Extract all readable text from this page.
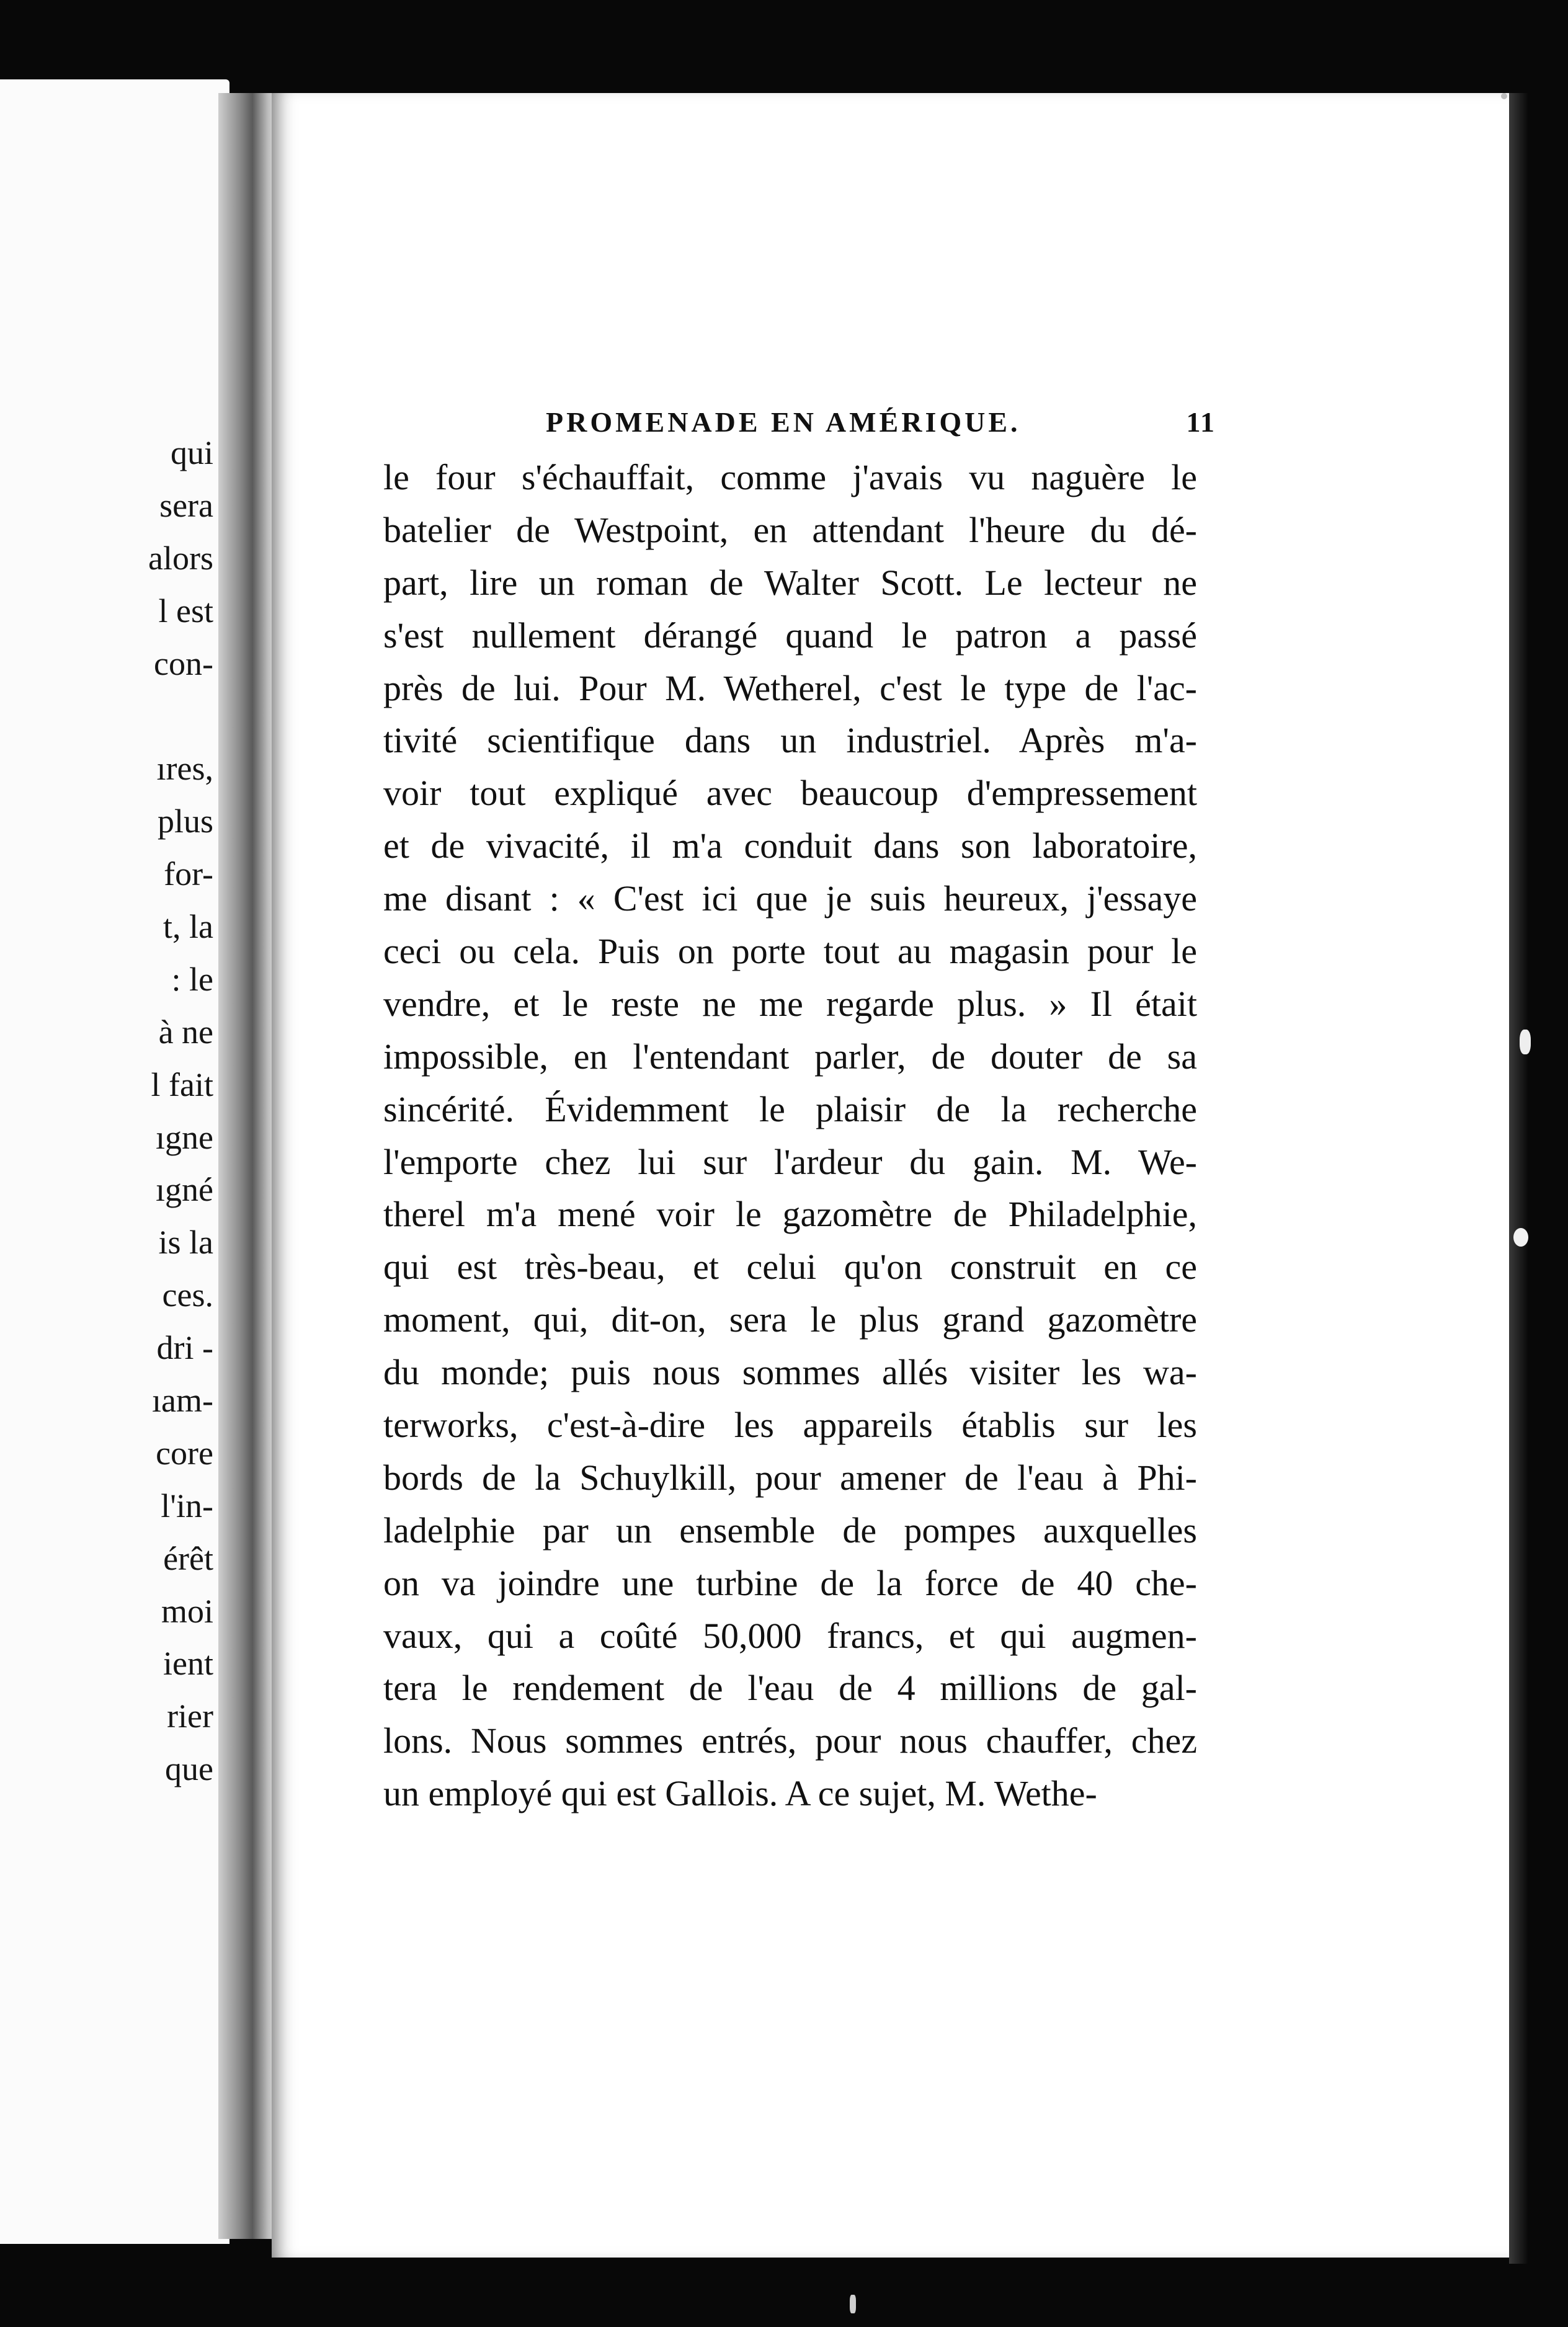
qui
sera
alors
l est
con-
ıres,
plus
for-
t, la
: le
à ne
l fait
ıgne
ıgné
is la
ces.
dri -
ıam-
core
l'in-
érêt
moi
ient
rier
que
PROMENADE EN AMÉRIQUE.	11
le four s'échauffait, comme j'avais vu naguère le
batelier de Westpoint, en attendant l'heure du dé-
part, lire un roman de Walter Scott. Le lecteur ne
s'est nullement dérangé quand le patron a passé
près de lui. Pour M. Wetherel, c'est le type de l'ac-
tivité scientifique dans un industriel. Après m'a-
voir tout expliqué avec beaucoup d'empressement
et de vivacité, il m'a conduit dans son laboratoire,
me disant : « C'est ici que je suis heureux, j'essaye
ceci ou cela. Puis on porte tout au magasin pour le
vendre, et le reste ne me regarde plus. » Il était
impossible, en l'entendant parler, de douter de sa
sincérité. Évidemment le plaisir de la recherche
l'emporte chez lui sur l'ardeur du gain. M. We-
therel m'a mené voir le gazomètre de Philadelphie,
qui est très-beau, et celui qu'on construit en ce
moment, qui, dit-on, sera le plus grand gazomètre
du monde; puis nous sommes allés visiter les wa-
terworks, c'est-à-dire les appareils établis sur les
bords de la Schuylkill, pour amener de l'eau à Phi-
ladelphie par un ensemble de pompes auxquelles
on va joindre une turbine de la force de 40 che-
vaux, qui a coûté 50,000 francs, et qui augmen-
tera le rendement de l'eau de 4 millions de gal-
lons. Nous sommes entrés, pour nous chauffer, chez
un employé qui est Gallois. A ce sujet, M. Wethe-
